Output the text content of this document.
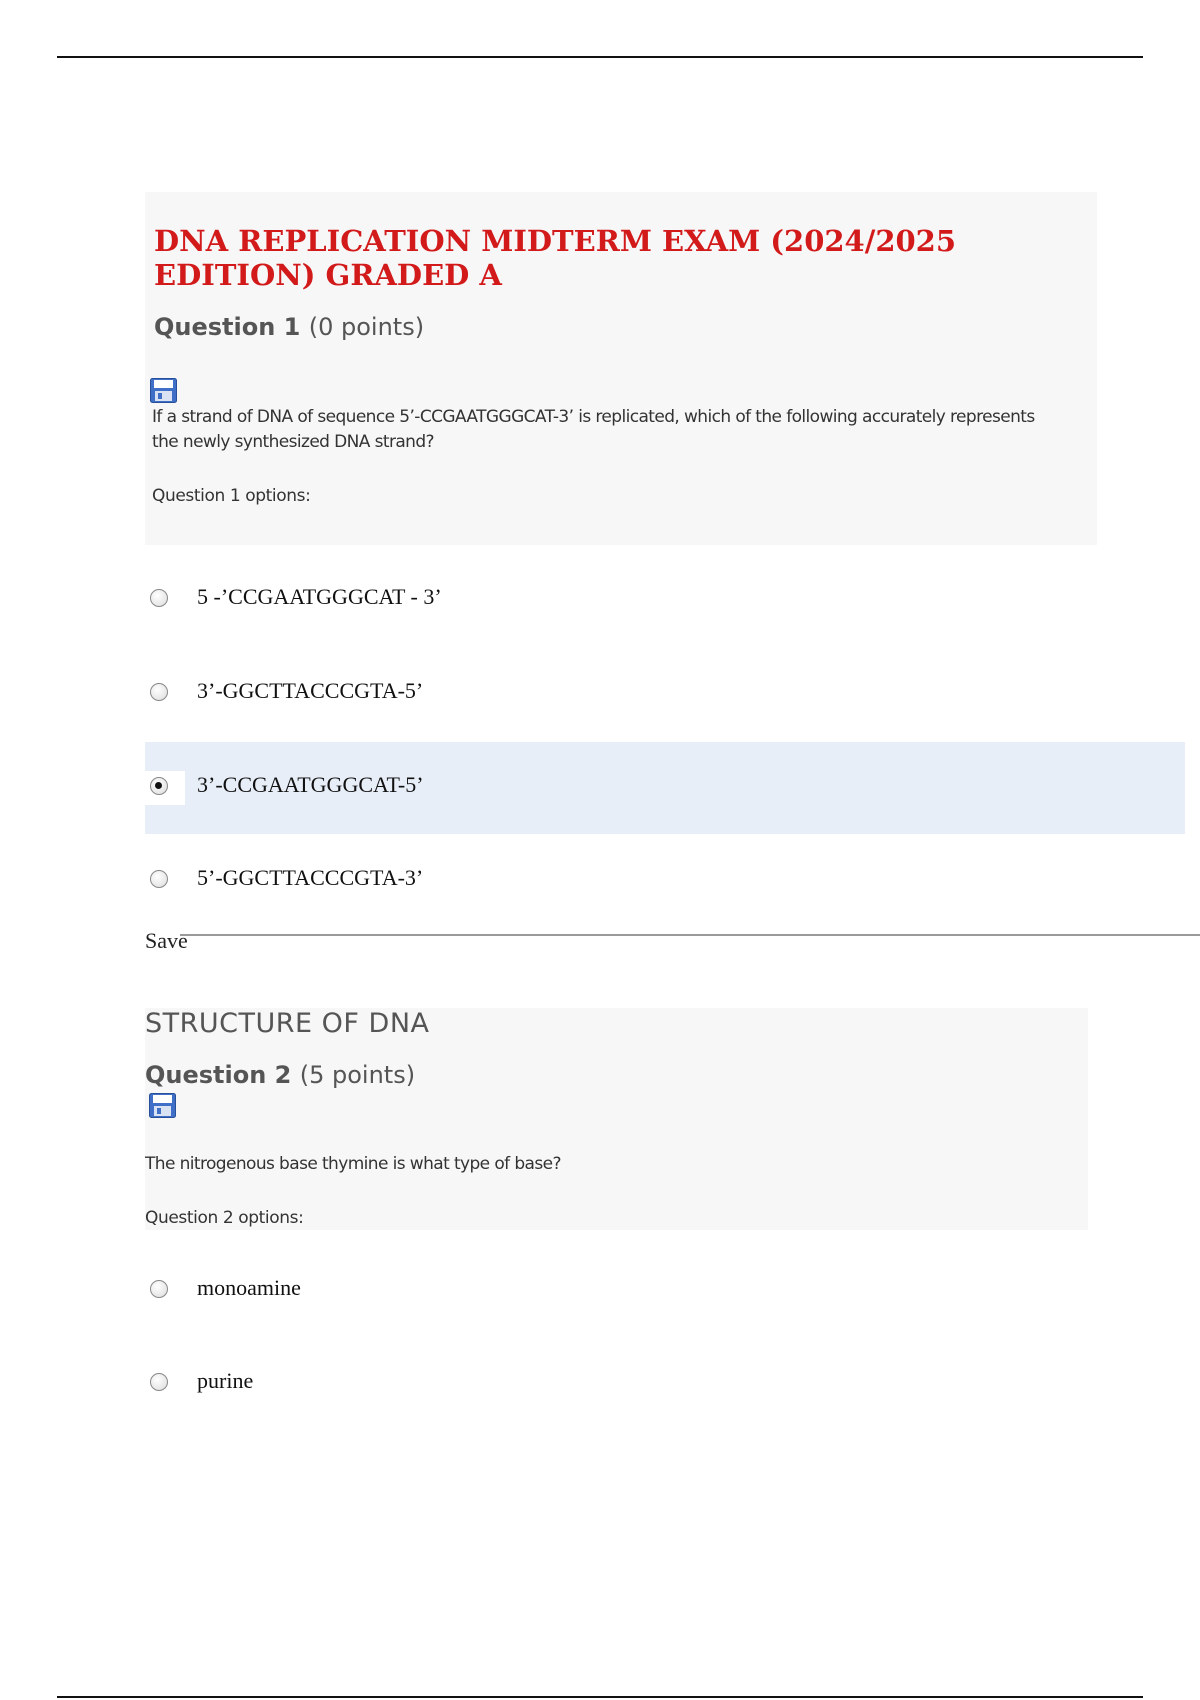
DNA REPLICATION MIDTERM EXAM (2024/2025
EDITION) GRADED A
Question 1 (0 points)
If a strand of DNA of sequence 5’-CCGAATGGGCAT-3’ is replicated, which of the following accurately represents
the newly synthesized DNA strand?
Question 1 options:
5 -’CCGAATGGGCAT - 3’
3’-GGCTTACCCGTA-5’
3’-CCGAATGGGCAT-5’
5’-GGCTTACCCGTA-3’
Save
STRUCTURE OF DNA
Question 2 (5 points)
The nitrogenous base thymine is what type of base?
Question 2 options:
monoamine
purine
